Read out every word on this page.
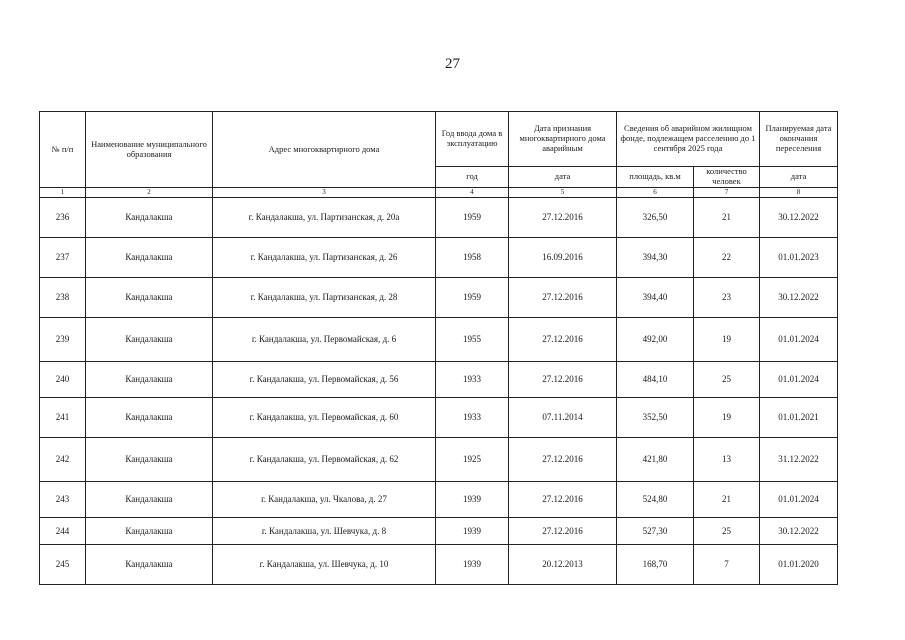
27
№ п/п	Наименование муниципального образования	Адрес многоквартирного дома	Год ввода дома в эксплуатацию	Дата признания многоквартирного дома аварийным	Сведения об аварийном жилищном фонде, подлежащем расселению до 1 сентября 2025 года		Планируемая дата окончания переселения
			год	дата	площадь, кв.м	количество человек	дата
1	2	3	4	5	6	7	8
236	Кандалакша	г. Кандалакша, ул. Партизанская, д. 20а	1959	27.12.2016	326,50	21	30.12.2022
237	Кандалакша	г. Кандалакша, ул. Партизанская, д. 26	1958	16.09.2016	394,30	22	01.01.2023
238	Кандалакша	г. Кандалакша, ул. Партизанская, д. 28	1959	27.12.2016	394,40	23	30.12.2022
239	Кандалакша	г. Кандалакша, ул. Первомайская, д. 6	1955	27.12.2016	492,00	19	01.01.2024
240	Кандалакша	г. Кандалакша, ул. Первомайская, д. 56	1933	27.12.2016	484,10	25	01.01.2024
241	Кандалакша	г. Кандалакша, ул. Первомайская, д. 60	1933	07.11.2014	352,50	19	01.01.2021
242	Кандалакша	г. Кандалакша, ул. Первомайская, д. 62	1925	27.12.2016	421,80	13	31.12.2022
243	Кандалакша	г. Кандалакша, ул. Чкалова, д. 27	1939	27.12.2016	524,80	21	01.01.2024
244	Кандалакша	г. Кандалакша, ул. Шевчука, д. 8	1939	27.12.2016	527,30	25	30.12.2022
245	Кандалакша	г. Кандалакша, ул. Шевчука, д. 10	1939	20.12.2013	168,70	7	01.01.2020
